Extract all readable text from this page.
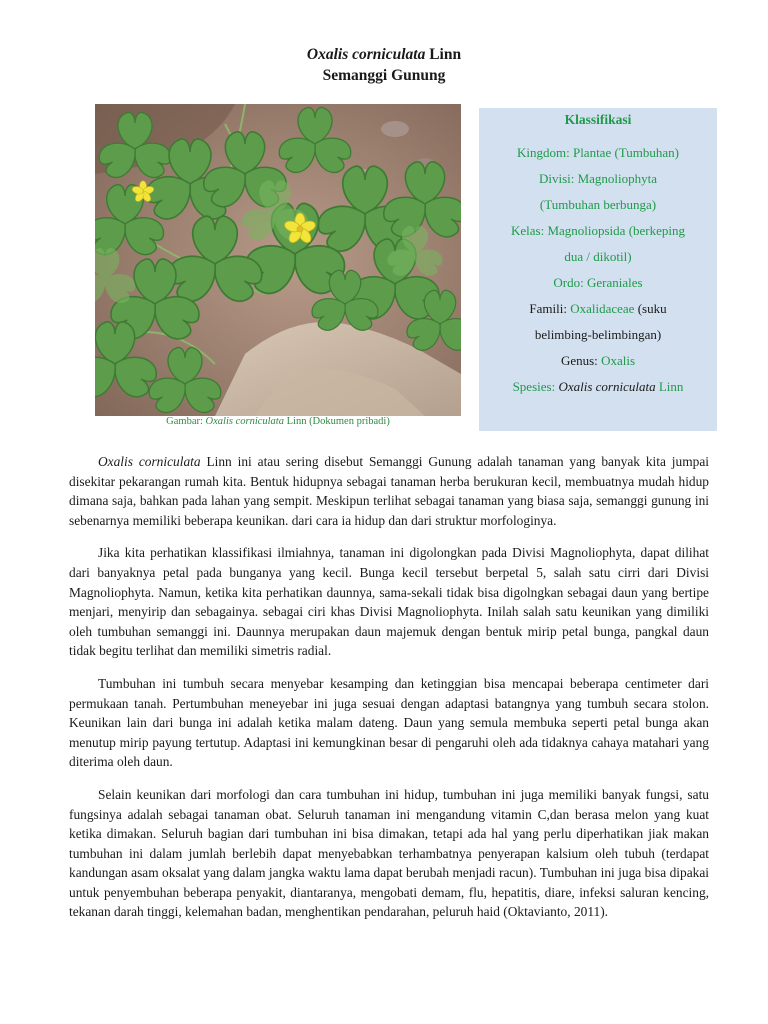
Oxalis corniculata Linn
Semanggi Gunung
Gambar: Oxalis corniculata Linn (Dokumen pribadi)
Klassifikasi
Kingdom: Plantae (Tumbuhan)
Divisi: Magnoliophyta
(Tumbuhan berbunga)
Kelas: Magnoliopsida (berkeping
dua / dikotil)
Ordo: Geraniales
Famili: Oxalidaceae (suku
belimbing-belimbingan)
Genus: Oxalis
Spesies: Oxalis corniculata Linn

Oxalis corniculata Linn ini atau sering disebut Semanggi Gunung adalah tanaman yang banyak kita jumpai disekitar pekarangan rumah kita. Bentuk hidupnya sebagai tanaman herba berukuran kecil, membuatnya mudah hidup dimana saja, bahkan pada lahan yang sempit. Meskipun terlihat sebagai tanaman yang biasa saja, semanggi gunung ini sebenarnya memiliki beberapa keunikan. dari cara ia hidup dan dari struktur morfologinya.

Jika kita perhatikan klassifikasi ilmiahnya, tanaman ini digolongkan pada Divisi Magnoliophyta, dapat dilihat dari banyaknya petal pada bunganya yang kecil. Bunga kecil tersebut berpetal 5, salah satu cirri dari Divisi Magnoliophyta. Namun, ketika kita perhatikan daunnya, sama-sekali tidak bisa digolngkan sebagai daun yang bertipe menjari, menyirip dan sebagainya. sebagai ciri khas Divisi Magnoliophyta. Inilah salah satu keunikan yang dimiliki oleh tumbuhan semanggi ini. Daunnya merupakan daun majemuk dengan bentuk mirip petal bunga, pangkal daun tidak begitu terlihat dan memiliki simetris radial.

Tumbuhan ini tumbuh secara menyebar kesamping dan ketinggian bisa mencapai beberapa centimeter dari permukaan tanah. Pertumbuhan meneyebar ini juga sesuai dengan adaptasi batangnya yang tumbuh secara stolon. Keunikan lain dari bunga ini adalah ketika malam dateng. Daun yang semula membuka seperti petal bunga akan menutup mirip payung tertutup. Adaptasi ini kemungkinan besar di pengaruhi oleh ada tidaknya cahaya matahari yang diterima oleh daun.

Selain keunikan dari morfologi dan cara tumbuhan ini hidup, tumbuhan ini juga memiliki banyak fungsi, satu fungsinya adalah sebagai tanaman obat. Seluruh tanaman ini mengandung vitamin C,dan berasa melon yang kuat ketika dimakan. Seluruh bagian dari tumbuhan ini bisa dimakan, tetapi ada hal yang perlu diperhatikan jiak makan tumbuhan ini dalam jumlah berlebih dapat menyebabkan terhambatnya penyerapan kalsium oleh tubuh (terdapat kandungan asam oksalat yang dalam jangka waktu lama dapat berubah menjadi racun). Tumbuhan ini juga bisa dipakai untuk penyembuhan beberapa penyakit, diantaranya, mengobati demam, flu, hepatitis, diare, infeksi saluran kencing, tekanan darah tinggi, kelemahan badan, menghentikan pendarahan, peluruh haid (Oktavianto, 2011).
